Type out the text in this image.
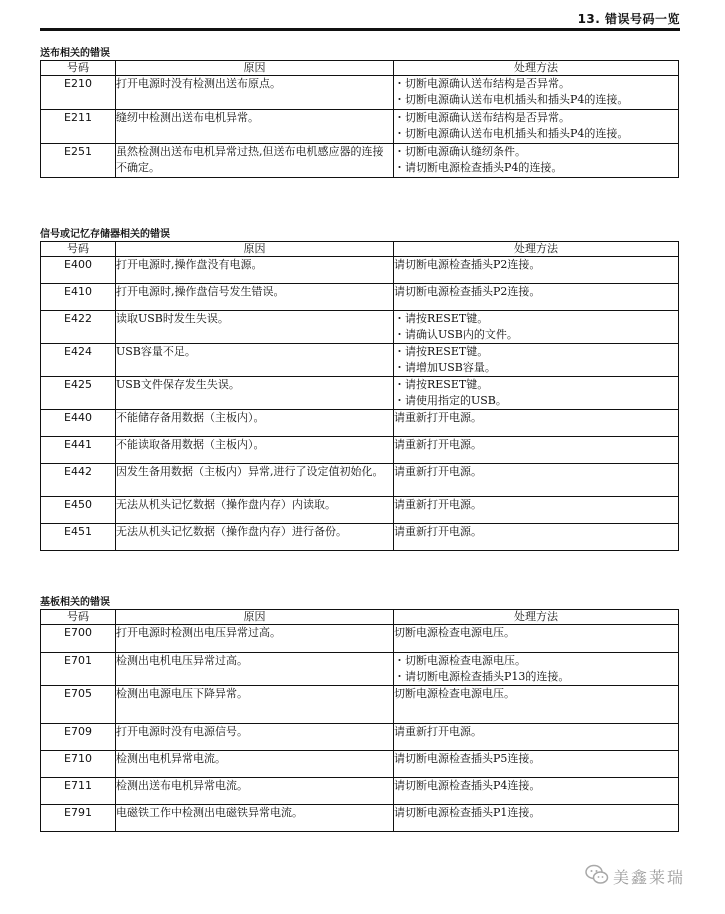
13. 错误号码一览
送布相关的错误
号码	原因	处理方法
E210	打开电源时没有检测出送布原点。	・切断电源确认送布结构是否异常。
・切断电源确认送布电机插头和插头P4的连接。

E211	缝纫中检测出送布电机异常。	・切断电源确认送布结构是否异常。
・切断电源确认送布电机插头和插头P4的连接。

E251	虽然检测出送布电机异常过热,但送布电机感应器的连接不确定。	・切断电源确认缝纫条件。
・请切断电源检查插头P4的连接。
信号或记忆存储器相关的错误
号码	原因	处理方法
E400	打开电源时,操作盘没有电源。	请切断电源检查插头P2连接。

E410	打开电源时,操作盘信号发生错误。	请切断电源检查插头P2连接。

E422	读取USB时发生失误。	・请按RESET键。
・请确认USB内的文件。

E424	USB容量不足。	・请按RESET键。
・请增加USB容量。

E425	USB文件保存发生失误。	・请按RESET键。
・请使用指定的USB。

E440	不能储存备用数据（主板内）。	请重新打开电源。

E441	不能读取备用数据（主板内）。	请重新打开电源。

E442	因发生备用数据（主板内）异常,进行了设定值初始化。	请重新打开电源。

E450	无法从机头记忆数据（操作盘内存）内读取。	请重新打开电源。

E451	无法从机头记忆数据（操作盘内存）进行备份。	请重新打开电源。
基板相关的错误
号码	原因	处理方法
E700	打开电源时检测出电压异常过高。	切断电源检查电源电压。

E701	检测出电机电压异常过高。	・切断电源检查电源电压。
・请切断电源检查插头P13的连接。

E705	检测出电源电压下降异常。	切断电源检查电源电压。

E709	打开电源时没有电源信号。	请重新打开电源。

E710	检测出电机异常电流。	请切断电源检查插头P5连接。

E711	检测出送布电机异常电流。	请切断电源检查插头P4连接。

E791	电磁铁工作中检测出电磁铁异常电流。	请切断电源检查插头P1连接。
美鑫莱瑞
